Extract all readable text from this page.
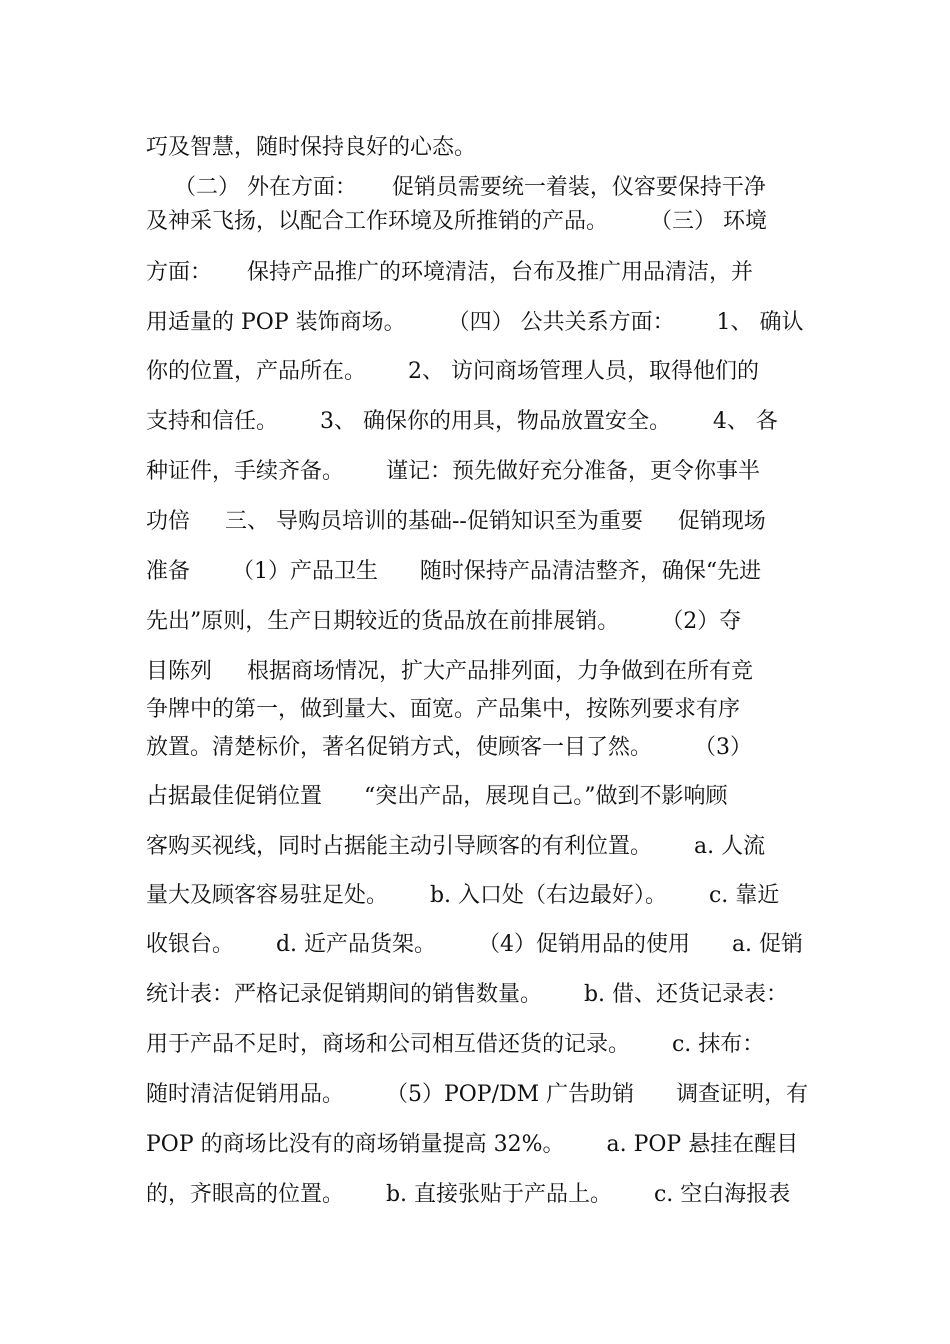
巧及智慧，随时保持良好的心态。
（二） 外在方面：     促销员需要统一着装，仪容要保持干净
及神采飞扬，以配合工作环境及所推销的产品。      （三） 环境
方面：     保持产品推广的环境清洁，台布及推广用品清洁，并
用适量的 POP 装饰商场。      （四） 公共关系方面：      1、 确认
你的位置，产品所在。      2、 访问商场管理人员，取得他们的
支持和信任。      3、 确保你的用具，物品放置安全。      4、 各
种证件，手续齐备。      谨记：预先做好充分准备，更令你事半
功倍     三、 导购员培训的基础--促销知识至为重要     促销现场
准备      （1）产品卫生      随时保持产品清洁整齐，确保“先进
先出”原则，生产日期较近的货品放在前排展销。      （2）夺
目陈列     根据商场情况，扩大产品排列面，力争做到在所有竞
争牌中的第一，做到量大、面宽。产品集中，按陈列要求有序
放置。清楚标价，著名促销方式，使顾客一目了然。      （3）
占据最佳促销位置      “突出产品，展现自己。”做到不影响顾
客购买视线，同时占据能主动引导顾客的有利位置。      a. 人流
量大及顾客容易驻足处。      b. 入口处（右边最好）。      c. 靠近
收银台。      d. 近产品货架。      （4）促销用品的使用      a. 促销
统计表：严格记录促销期间的销售数量。      b. 借、还货记录表：
用于产品不足时，商场和公司相互借还货的记录。      c. 抹布：
随时清洁促销用品。      （5）POP/DM 广告助销      调查证明，有
POP 的商场比没有的商场销量提高 32%。      a. POP 悬挂在醒目
的，齐眼高的位置。      b. 直接张贴于产品上。      c. 空白海报表
